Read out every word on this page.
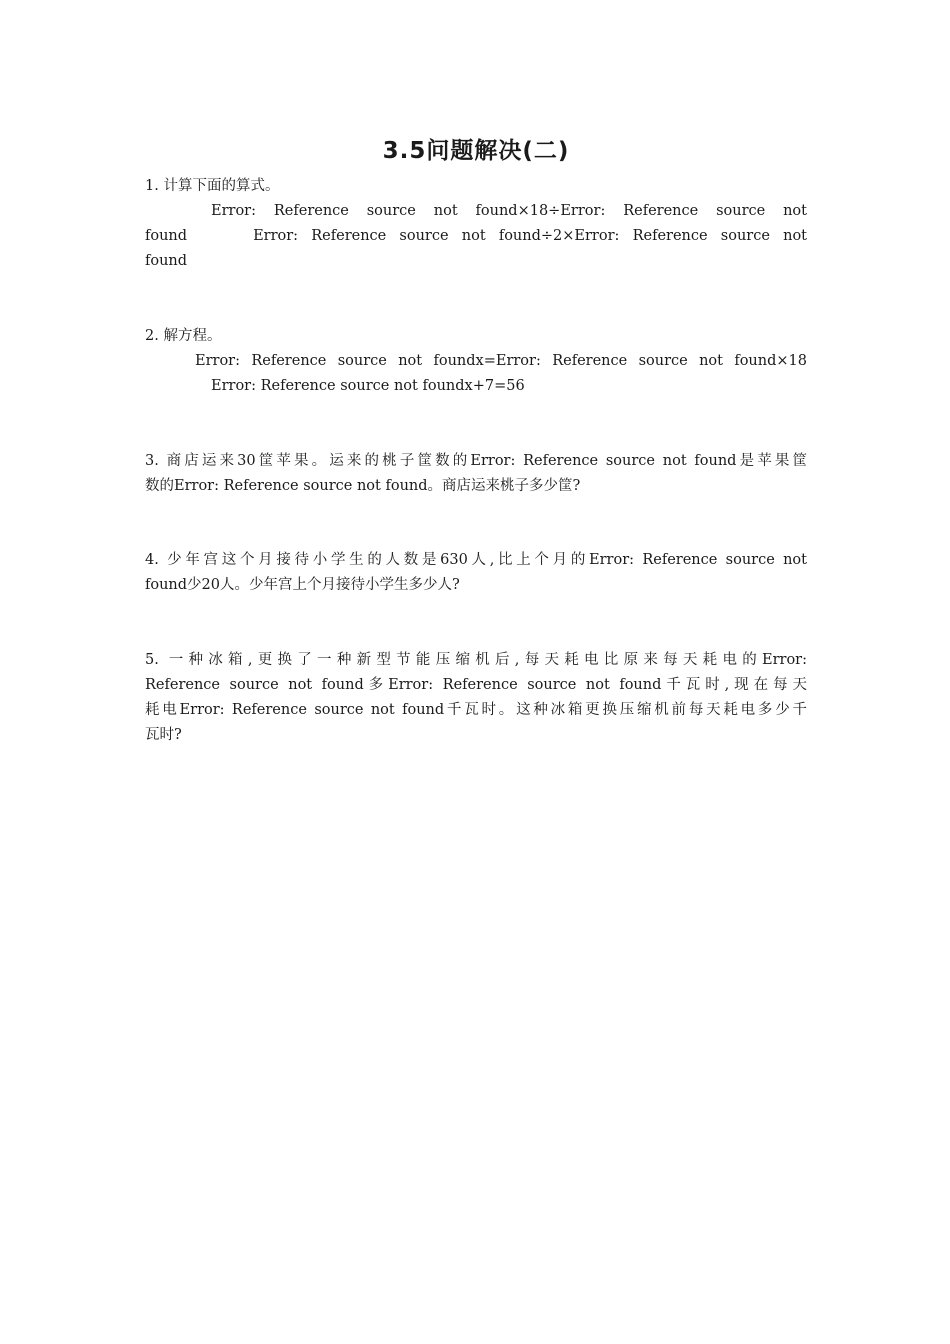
3.5问题解决(二)
1. 计算下面的算式。
Error: Reference source not found×18÷Error: Reference source not
found	Error: Reference source not found÷2×Error: Reference source not
found
2. 解方程。
Error: Reference source not foundx=Error: Reference source not found×18
Error: Reference source not foundx+7=56
3. 商店运来30筐苹果。运来的桃子筐数的Error: Reference source not found是苹果筐
数的Error: Reference source not found。商店运来桃子多少筐?
4. 少年宫这个月接待小学生的人数是630人,比上个月的Error: Reference source not
found少20人。少年宫上个月接待小学生多少人?
5. 一种冰箱,更换了一种新型节能压缩机后,每天耗电比原来每天耗电的Error:
Reference source not found多Error: Reference source not found千瓦时,现在每天
耗电Error: Reference source not found千瓦时。这种冰箱更换压缩机前每天耗电多少千
瓦时?
